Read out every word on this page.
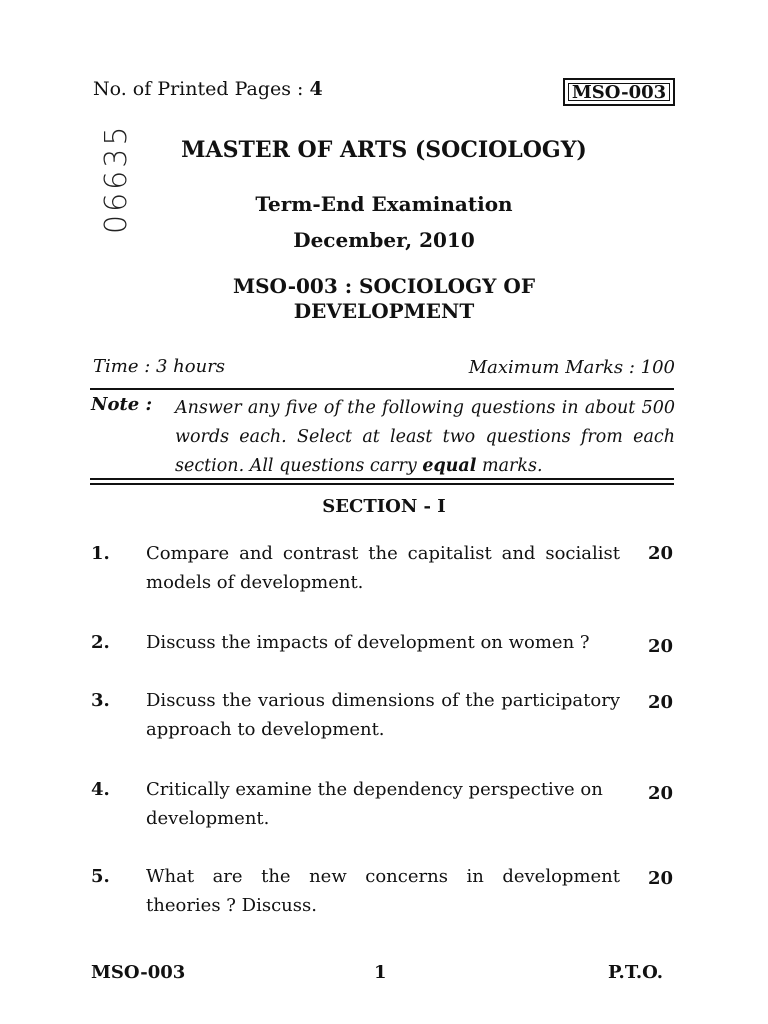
No. of Printed Pages : 4	MSO-003
06635	MASTER OF ARTS (SOCIOLOGY)
Term-End Examination
December, 2010
MSO-003 : SOCIOLOGY OF
DEVELOPMENT
Time : 3 hours	Maximum Marks : 100
Note : Answer any five of the following questions in about 500 words each. Select at least two questions from each section. All questions carry equal marks.
SECTION - I
1. Compare and contrast the capitalist and socialist models of development.
20
2. Discuss the impacts of development on women ?	20
3. Discuss the various dimensions of the participatory approach to development.
20
4. Critically examine the dependency perspective on development.
20
5. What are the new concerns in development theories ? Discuss.
20
MSO-003	1	P.T.O.
